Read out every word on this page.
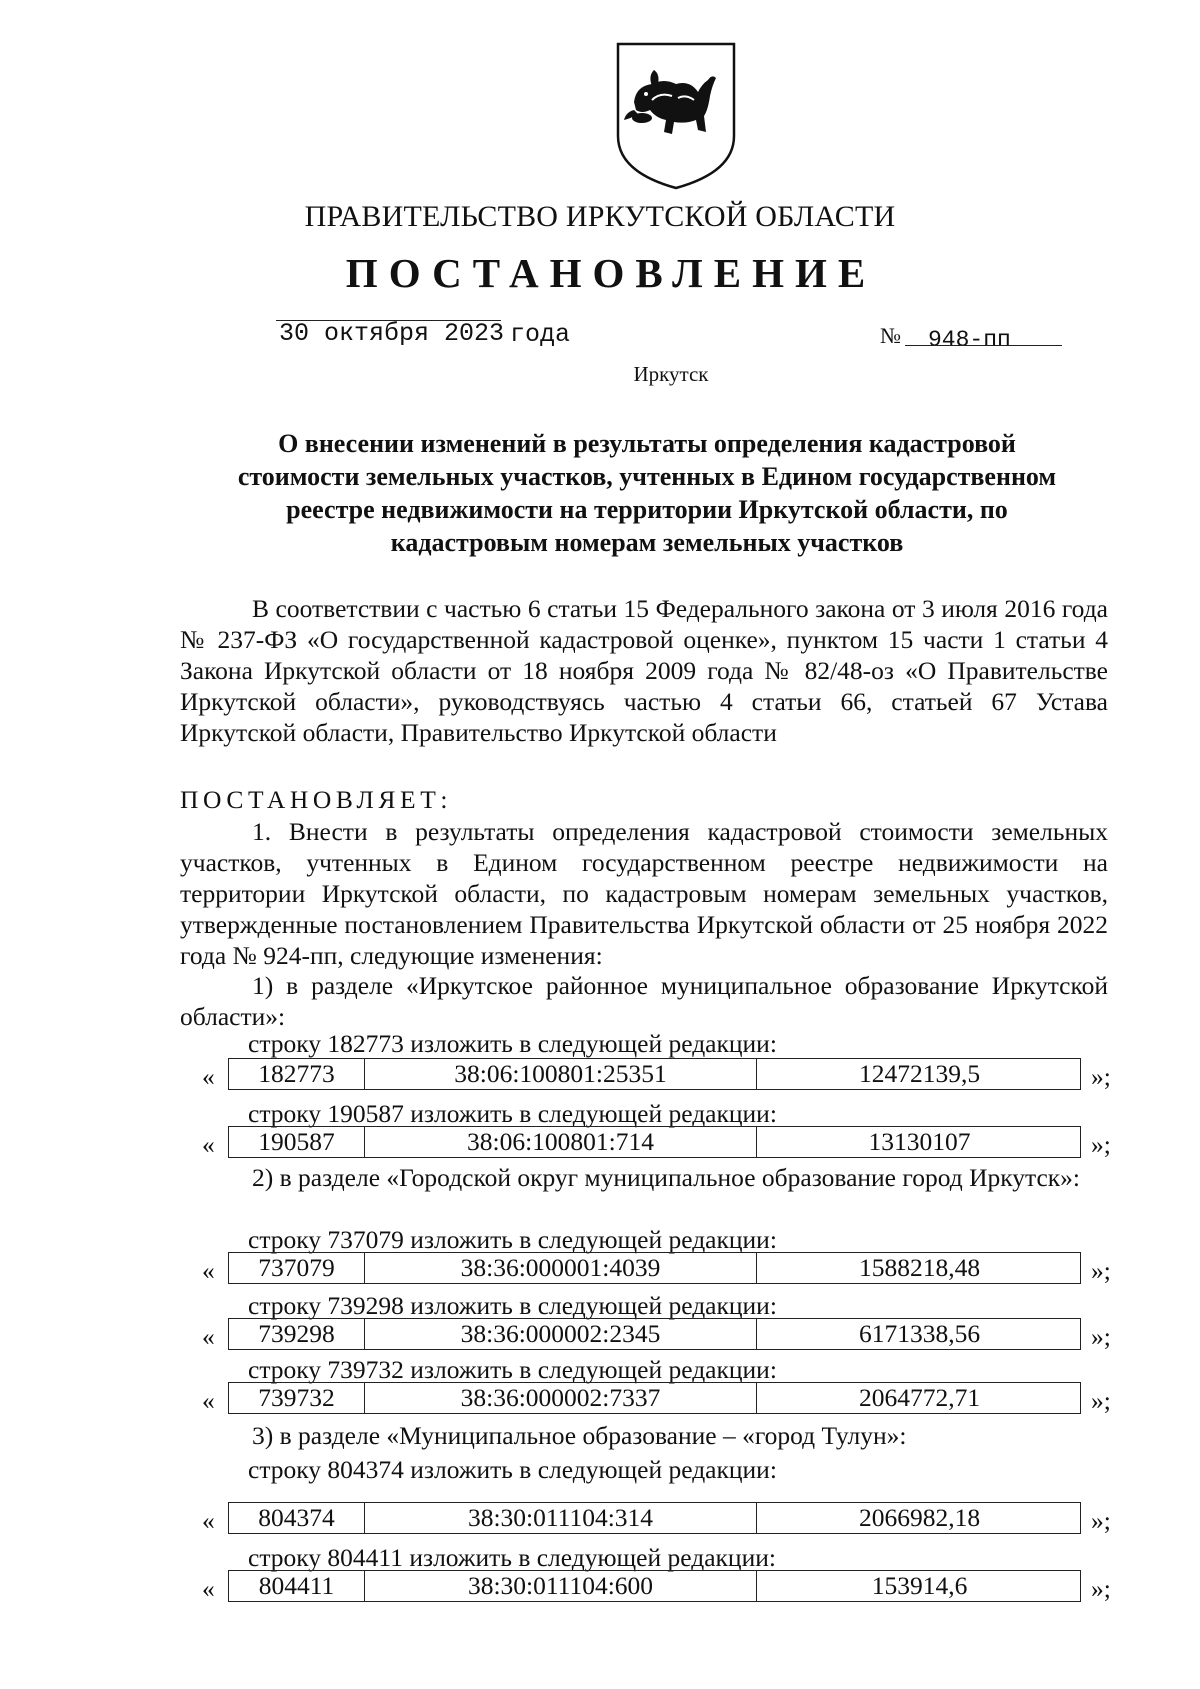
ПРАВИТЕЛЬСТВО ИРКУТСКОЙ ОБЛАСТИ
ПОСТАНОВЛЕНИЕ
30 октября 2023 года	№ 948-пп
Иркутск
О внесении изменений в результаты определения кадастровой
стоимости земельных участков, учтенных в Едином государственном
реестре недвижимости на территории Иркутской области, по
кадастровым номерам земельных участков
В соответствии с частью 6 статьи 15 Федерального закона от 3 июля 2016 года № 237-ФЗ «О государственной кадастровой оценке», пунктом 15 части 1 статьи 4 Закона Иркутской области от 18 ноября 2009 года № 82/48-оз «О Правительстве Иркутской области», руководствуясь частью 4 статьи 66, статьей 67 Устава Иркутской области, Правительство Иркутской области
ПОСТАНОВЛЯЕТ:
1. Внести в результаты определения кадастровой стоимости земельных участков, учтенных в Едином государственном реестре недвижимости на территории Иркутской области, по кадастровым номерам земельных участков, утвержденные постановлением Правительства Иркутской области от 25 ноября 2022 года № 924-пп, следующие изменения:
1) в разделе «Иркутское районное муниципальное образование Иркутской области»:
строку 182773 изложить в следующей редакции:
«	182773	38:06:100801:25351	12472139,5	»;
строку 190587 изложить в следующей редакции:
«	190587	38:06:100801:714	13130107	»;
2) в разделе «Городской округ муниципальное образование город Иркутск»:
строку 737079 изложить в следующей редакции:
«	737079	38:36:000001:4039	1588218,48	»;
строку 739298 изложить в следующей редакции:
«	739298	38:36:000002:2345	6171338,56	»;
строку 739732 изложить в следующей редакции:
«	739732	38:36:000002:7337	2064772,71	»;
3) в разделе «Муниципальное образование – «город Тулун»:
строку 804374 изложить в следующей редакции:
«	804374	38:30:011104:314	2066982,18	»;
строку 804411 изложить в следующей редакции:
«	804411	38:30:011104:600	153914,6	»;
